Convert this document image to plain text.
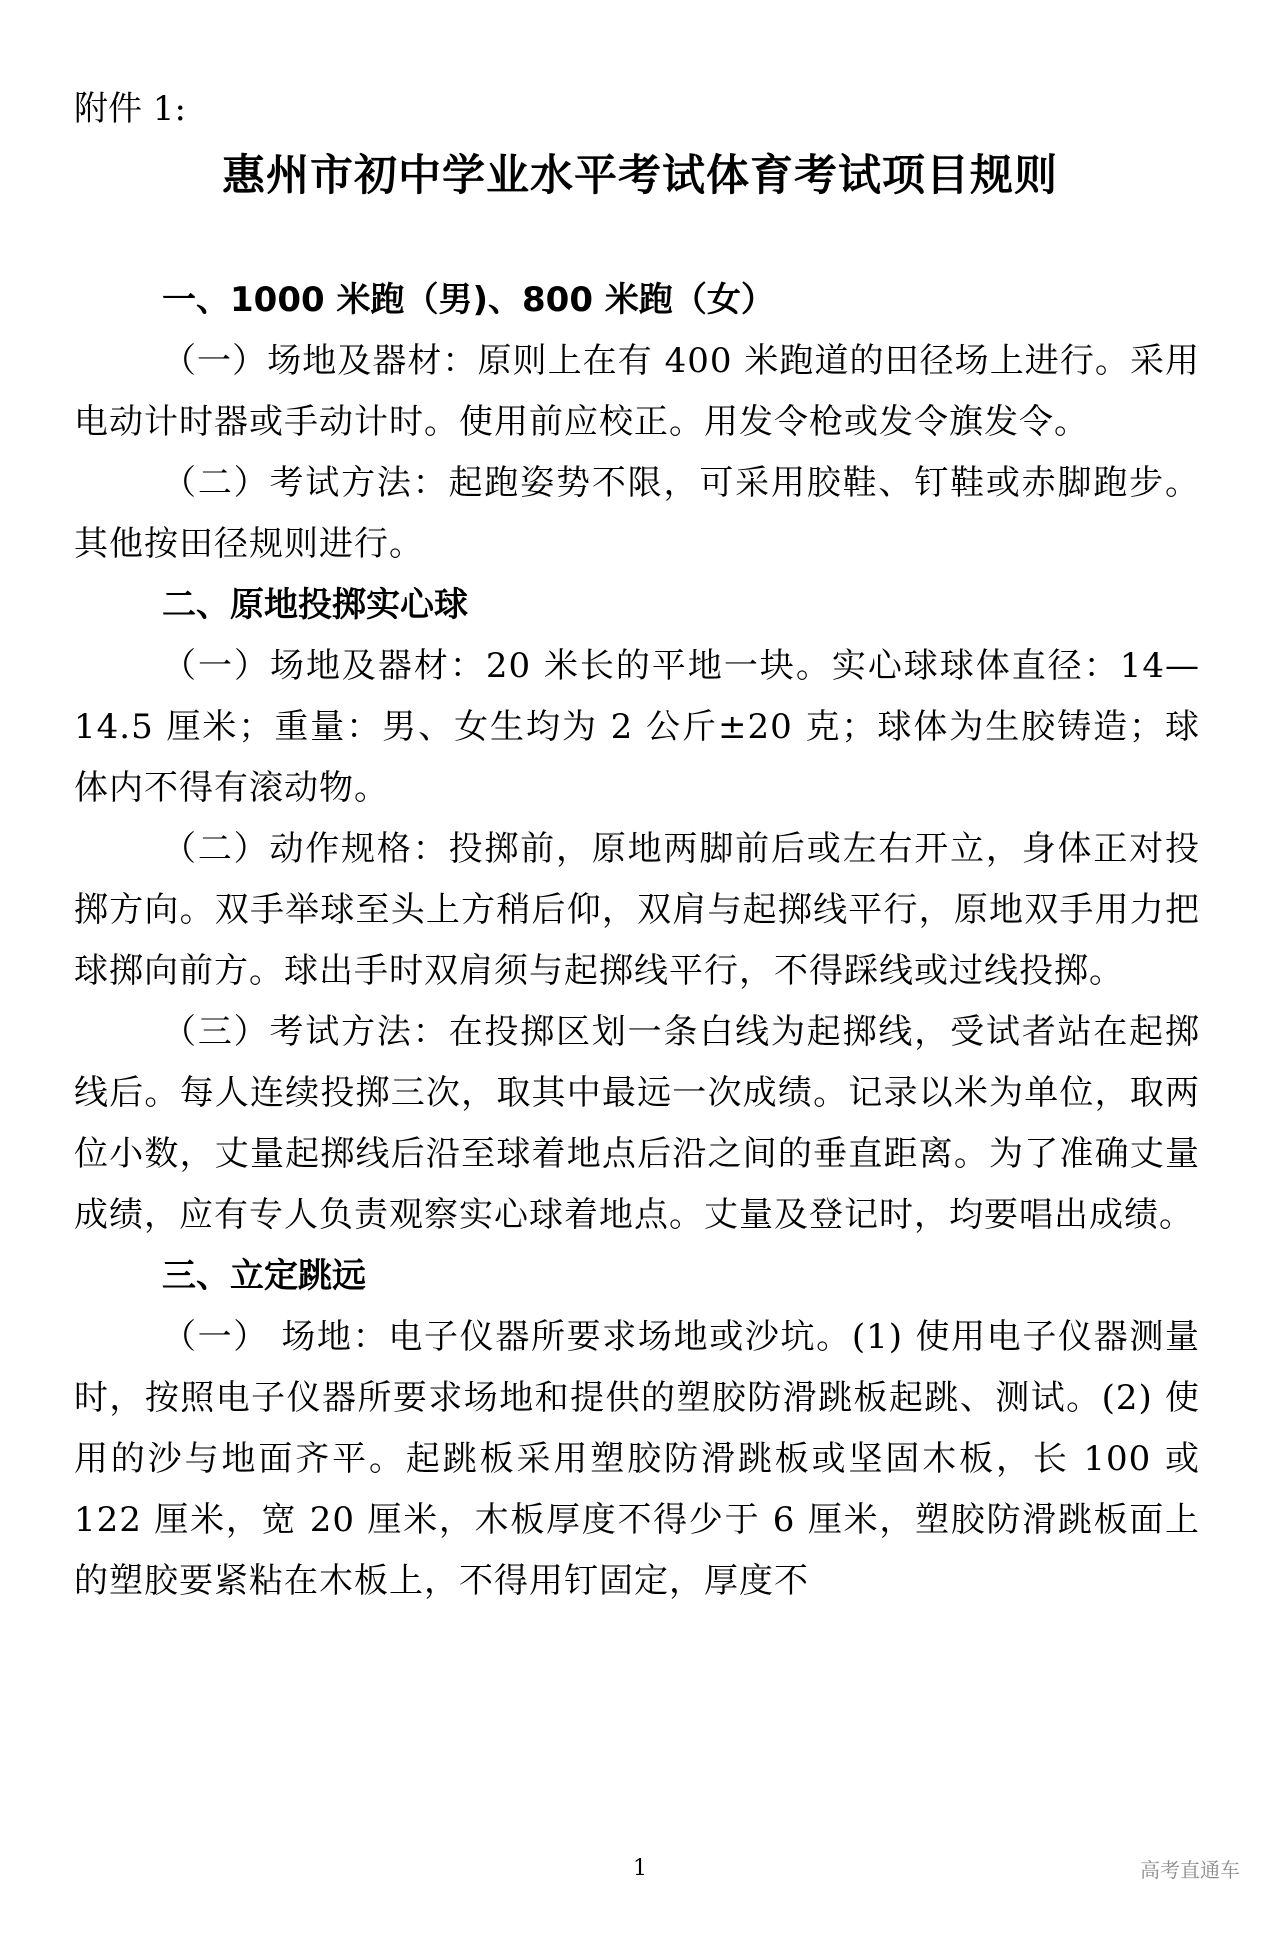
附件 1:
惠州市初中学业水平考试体育考试项目规则
一、1000 米跑（男)、800 米跑（女）

（一）场地及器材：原则上在有 400 米跑道的田径场上进行。采用电动计时器或手动计时。使用前应校正。用发令枪或发令旗发令。

（二）考试方法：起跑姿势不限，可采用胶鞋、钉鞋或赤脚跑步。其他按田径规则进行。

二、原地投掷实心球

（一）场地及器材：20 米长的平地一块。实心球球体直径：14—14.5 厘米；重量：男、女生均为 2 公斤±20 克；球体为生胶铸造；球体内不得有滚动物。

（二）动作规格：投掷前，原地两脚前后或左右开立，身体正对投掷方向。双手举球至头上方稍后仰，双肩与起掷线平行，原地双手用力把球掷向前方。球出手时双肩须与起掷线平行，不得踩线或过线投掷。

（三）考试方法：在投掷区划一条白线为起掷线，受试者站在起掷线后。每人连续投掷三次，取其中最远一次成绩。记录以米为单位，取两位小数，丈量起掷线后沿至球着地点后沿之间的垂直距离。为了准确丈量成绩，应有专人负责观察实心球着地点。丈量及登记时，均要唱出成绩。

三、立定跳远

（一） 场地：电子仪器所要求场地或沙坑。(1) 使用电子仪器测量时，按照电子仪器所要求场地和提供的塑胶防滑跳板起跳、测试。(2) 使用的沙与地面齐平。起跳板采用塑胶防滑跳板或坚固木板，长 100 或 122 厘米，宽 20 厘米，木板厚度不得少于 6 厘米，塑胶防滑跳板面上的塑胶要紧粘在木板上，不得用钉固定，厚度不

1	高考直通车
